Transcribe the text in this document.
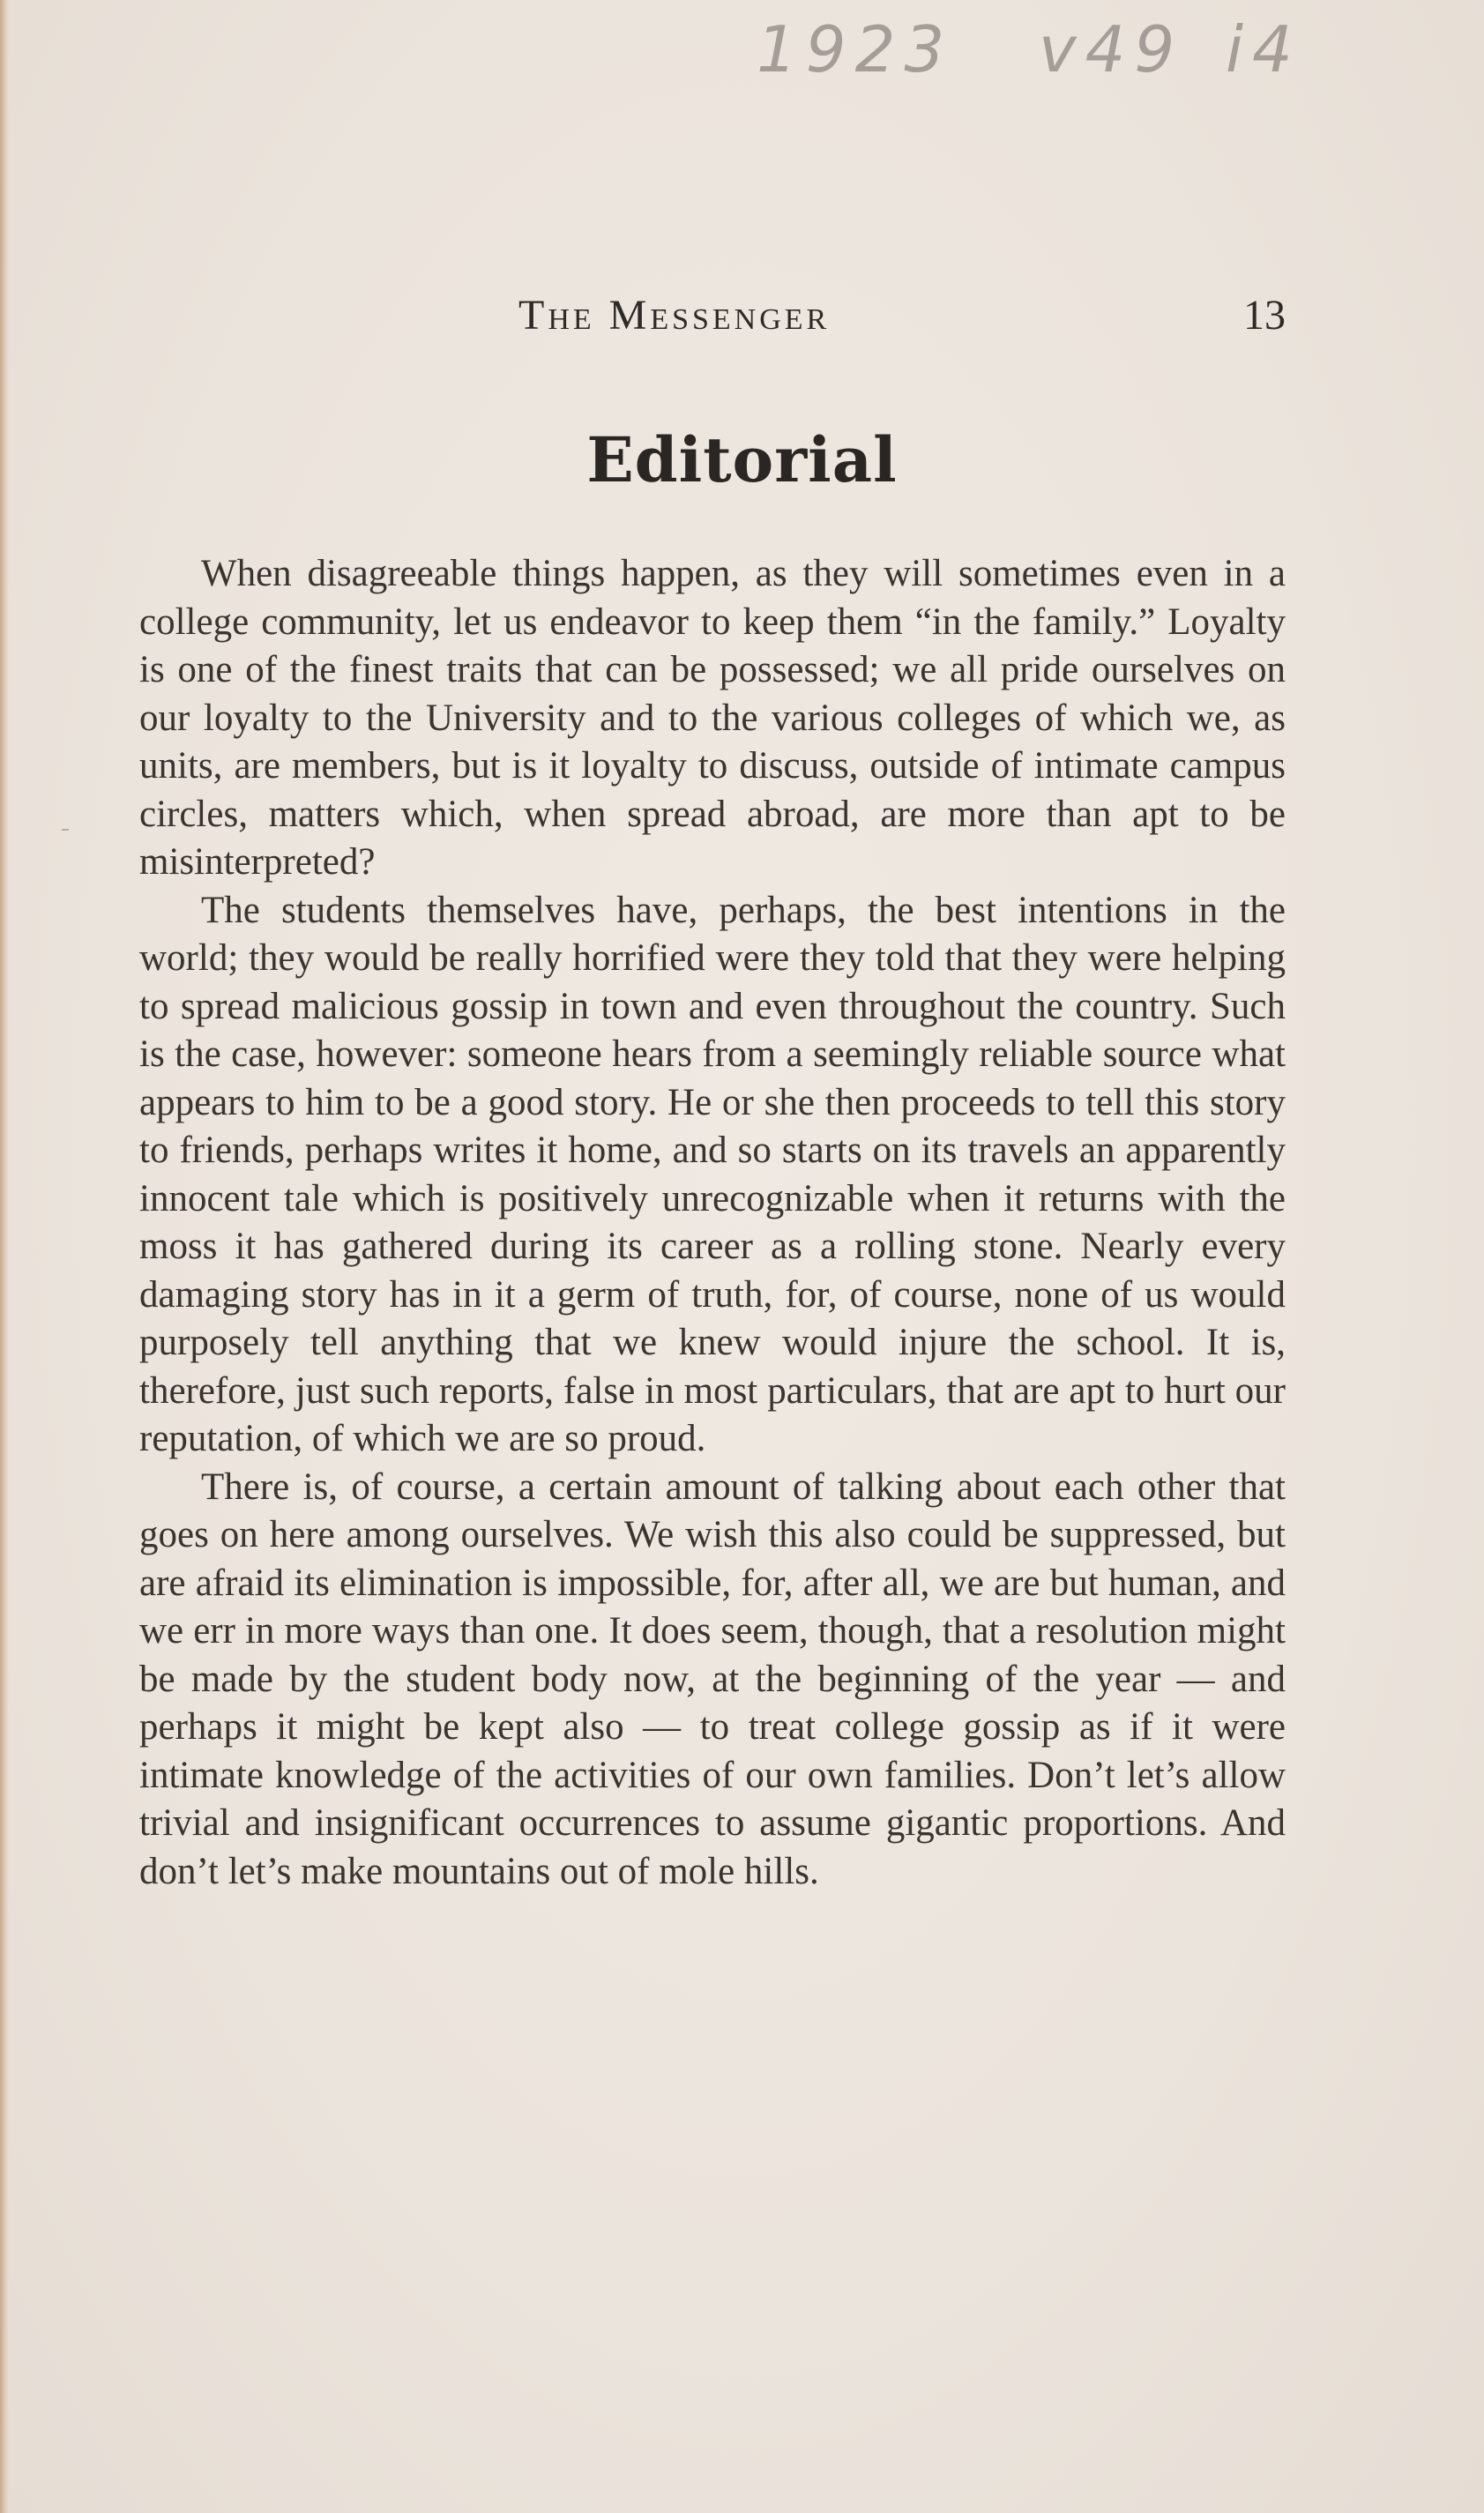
1923 v49 i4
The Messenger	13
Editorial

When disagreeable things happen, as they will sometimes even in a college community, let us endeavor to keep them “in the family.” Loyalty is one of the finest traits that can be possessed; we all pride ourselves on our loyalty to the University and to the various colleges of which we, as units, are members, but is it loyalty to discuss, outside of intimate campus circles, matters which, when spread abroad, are more than apt to be misinterpreted?

The students themselves have, perhaps, the best intentions in the world; they would be really horrified were they told that they were helping to spread malicious gossip in town and even throughout the country. Such is the case, however: someone hears from a seemingly reliable source what appears to him to be a good story. He or she then proceeds to tell this story to friends, perhaps writes it home, and so starts on its travels an apparently innocent tale which is positively unrecognizable when it returns with the moss it has gathered during its career as a rolling stone. Nearly every damaging story has in it a germ of truth, for, of course, none of us would purposely tell anything that we knew would injure the school. It is, therefore, just such reports, false in most particulars, that are apt to hurt our reputation, of which we are so proud.

There is, of course, a certain amount of talking about each other that goes on here among ourselves. We wish this also could be suppressed, but are afraid its elimination is impossible, for, after all, we are but human, and we err in more ways than one. It does seem, though, that a resolution might be made by the student body now, at the beginning of the year — and perhaps it might be kept also — to treat college gossip as if it were intimate knowledge of the activities of our own families. Don’t let’s allow trivial and insignificant occurrences to assume gigantic proportions. And don’t let’s make mountains out of mole hills.
